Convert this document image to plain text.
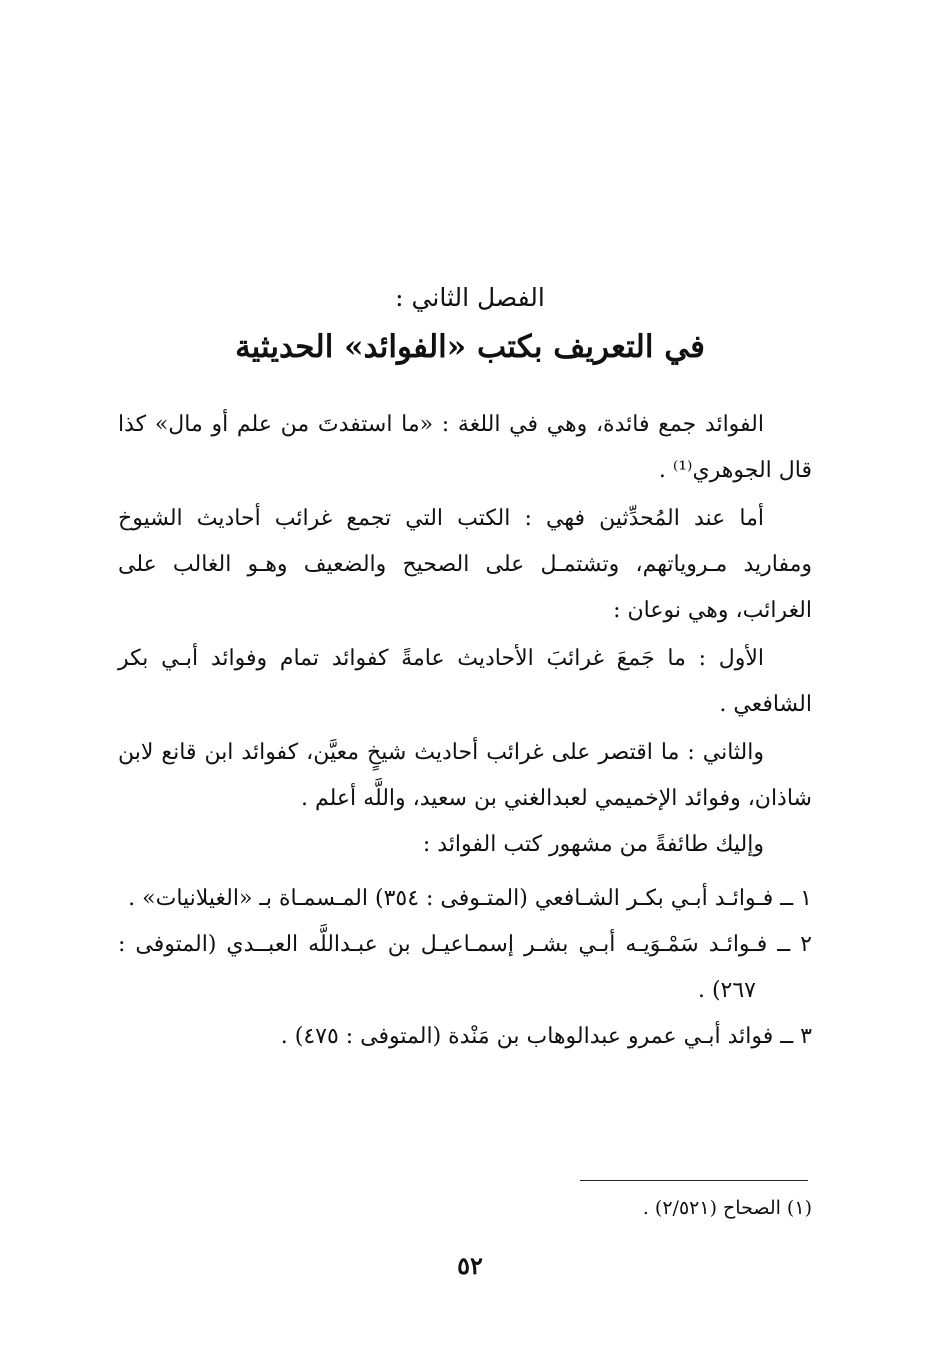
الفصل الثاني :
في التعريف بكتب «الفوائد» الحديثية

الفوائد جمع فائدة، وهي في اللغة : «ما استفدتَ من علم أو مال» كذا قال الجوهري⁽¹⁾ .

أما عند المُحدِّثين فهي : الكتب التي تجمع غرائب أحاديث الشيوخ ومفاريد مـروياتهم، وتشتمـل على الصحيح والضعيف وهـو الغالب على الغرائب، وهي نوعان :

الأول : ما جَمعَ غرائبَ الأحاديث عامةً كفوائد تمام وفوائد أبـي بكر الشافعي .

والثاني : ما اقتصر على غرائب أحاديث شيخٍ معيَّن، كفوائد ابن قانع لابن شاذان، وفوائد الإخميمي لعبدالغني بن سعيد، واللَّه أعلم .

وإليك طائفةً من مشهور كتب الفوائد :

١ ــ فـوائـد أبـي بكـر الشـافعي (المتـوفى : ٣٥٤) المـسمـاة بـ «الغيلانيات» .

٢ ــ فـوائـد سَمْـوَيـه أبـي بشـر إسمـاعيـل بن عبـداللَّه العبــدي (المتوفى : ٢٦٧) .

٣ ــ فوائد أبـي عمرو عبدالوهاب بن مَنْدة (المتوفى : ٤٧٥) .

(١) الصحاح (٢/٥٢١) .
٥٢
